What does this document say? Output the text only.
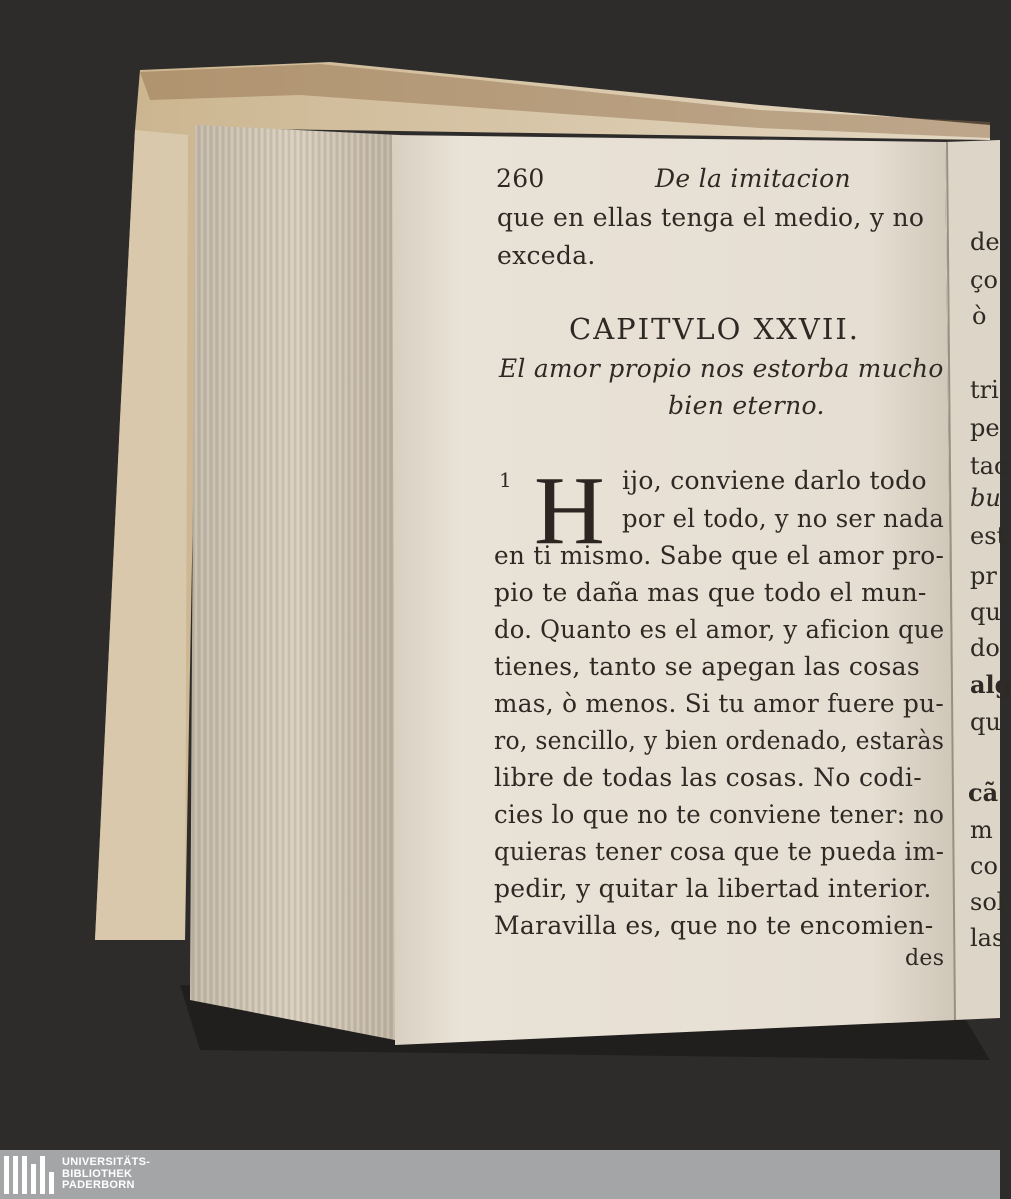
260	De la imitacion
que en ellas tenga el medio, y no
exceda.
CAPITVLO XXVII.
El amor propio nos estorba mucho
bien eterno.
1 H ijo, conviene darlo todo
por el todo, y no ser nada
en ti mismo. Sabe que el amor pro-
pio te daña mas que todo el mun-
do. Quanto es el amor, y aficion que
tienes, tanto se apegan las cosas
mas, ò menos. Si tu amor fuere pu-
ro, sencillo, y bien ordenado, estaràs
libre de todas las cosas. No codi-
cies lo que no te conviene tener: no
quieras tener cosa que te pueda im-
pedir, y quitar la libertad interior.
Maravilla es, que no te encomien-
des
de
ço
ò
tri
pe
tac
bu
est
pr
qu
do
alg
qu
cã
m
co
sol
las
UNIVERSITÄTS-
BIBLIOTHEK
PADERBORN
